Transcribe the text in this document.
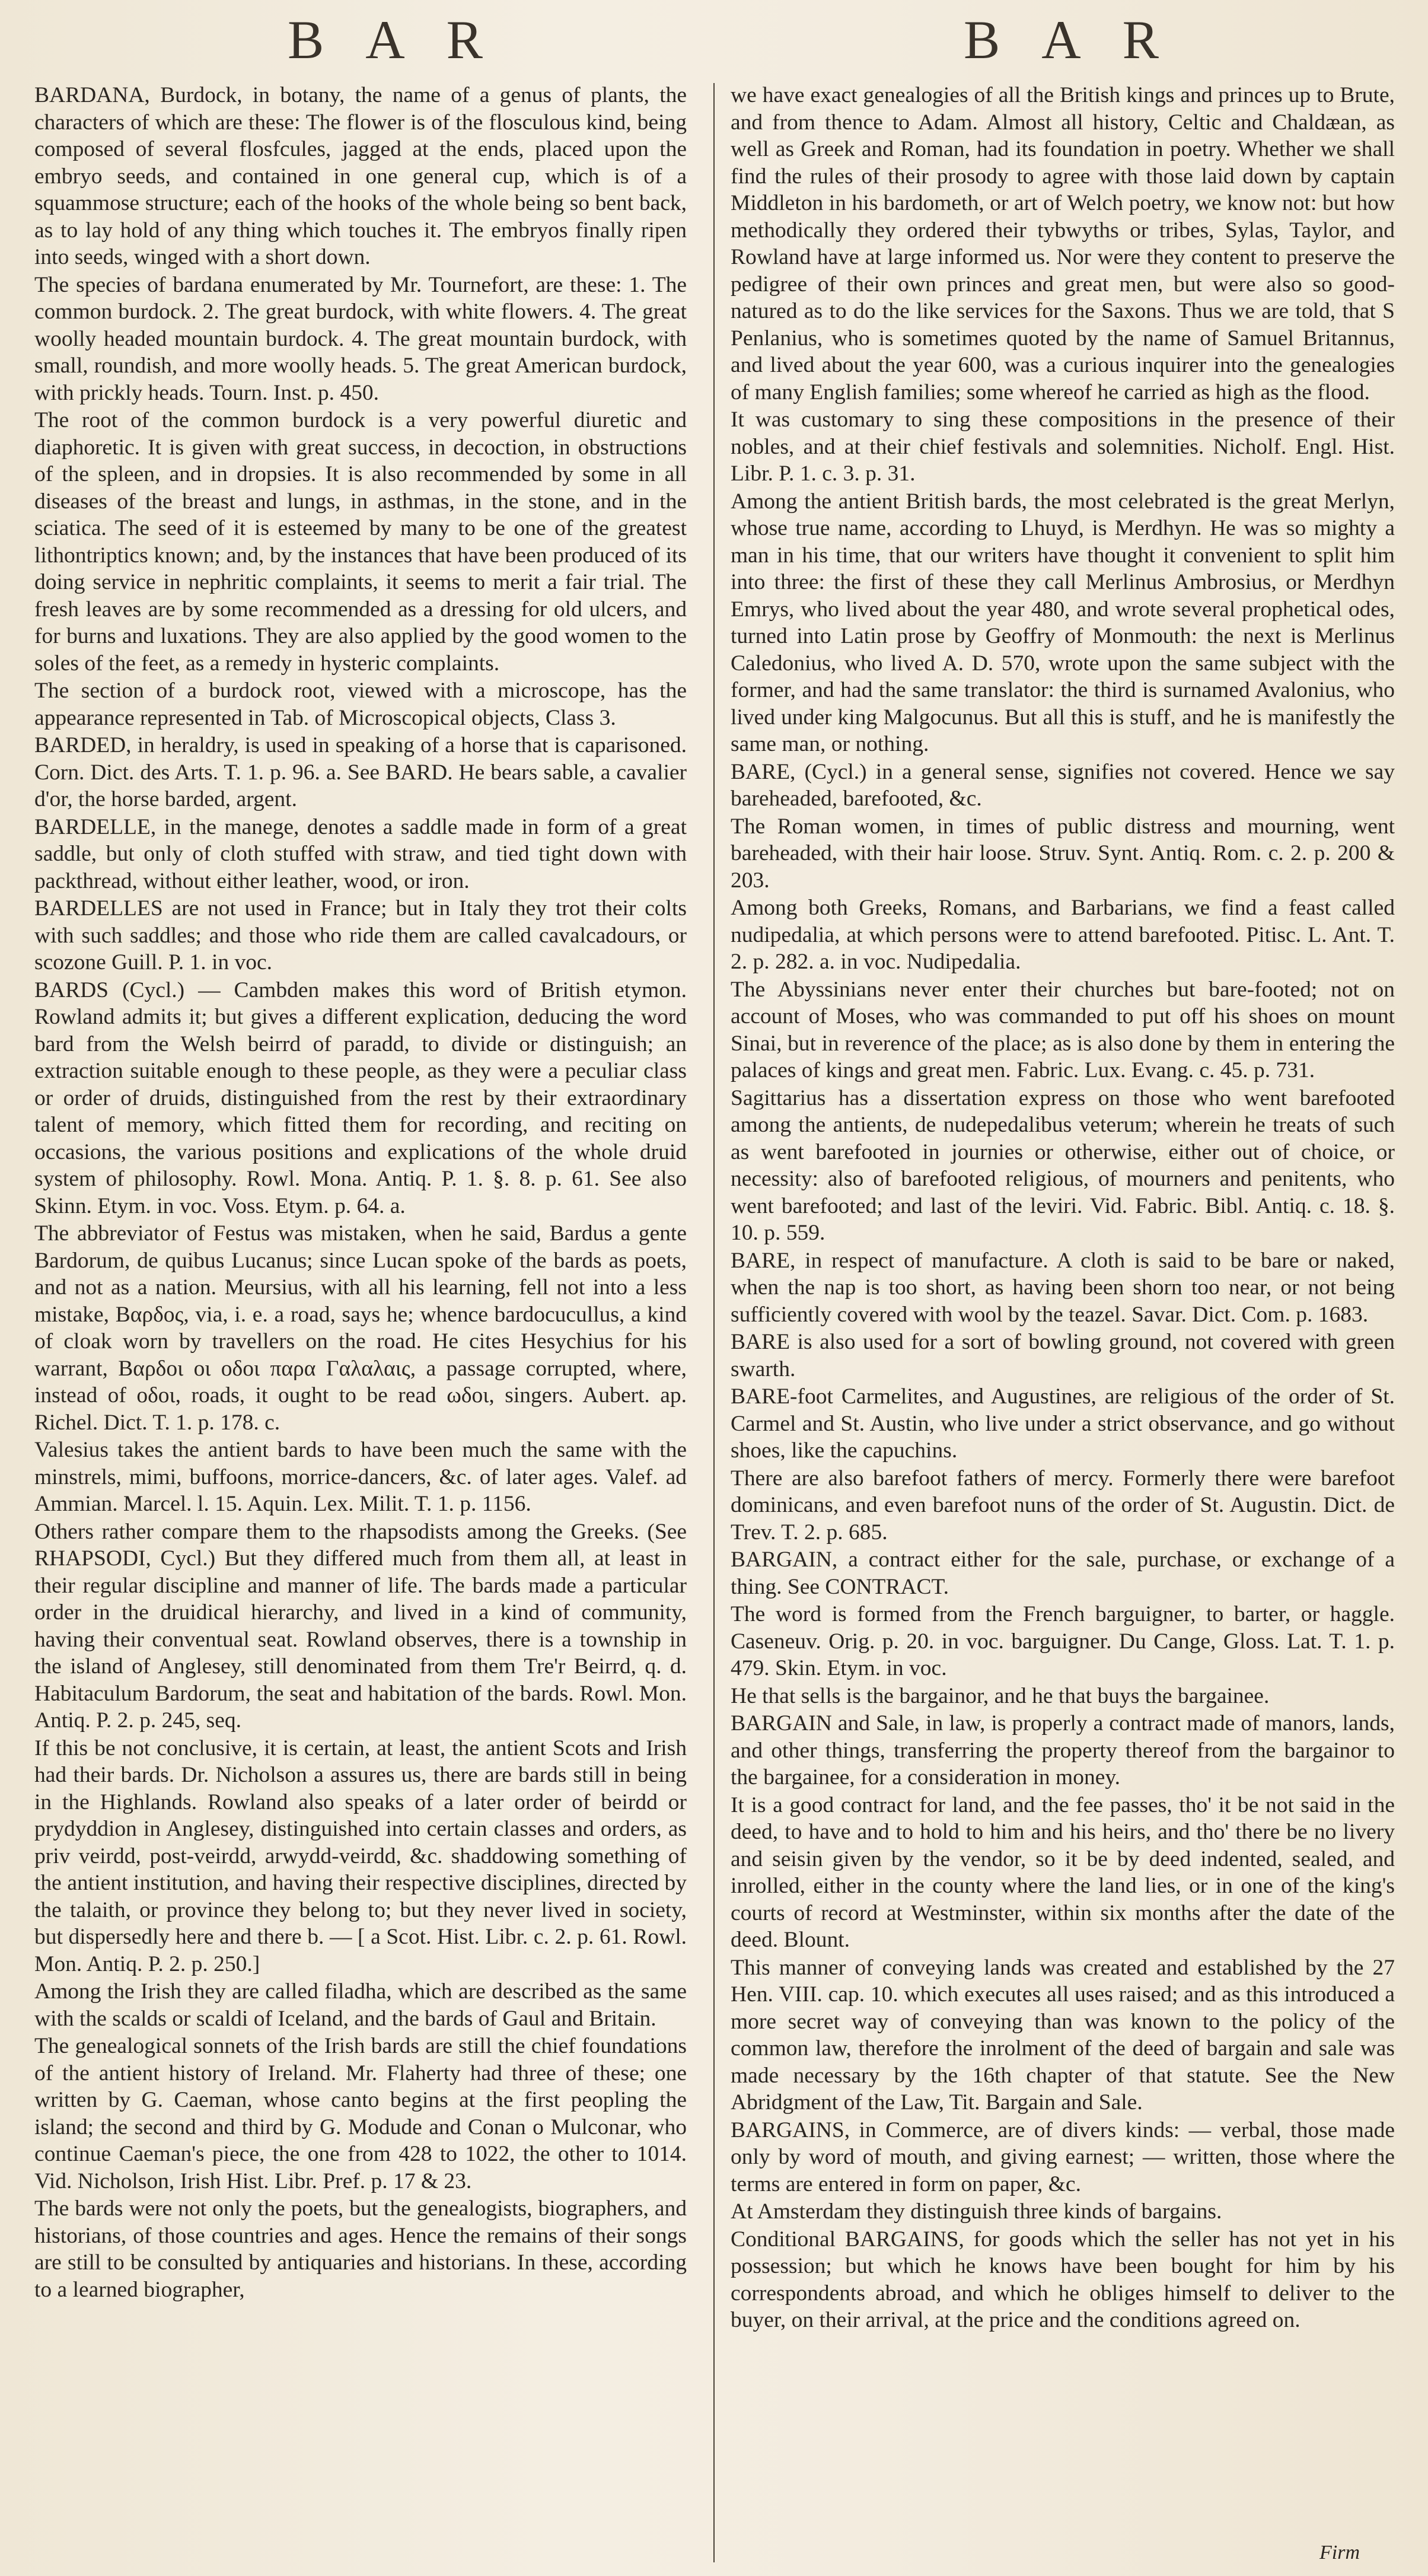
B A R	B A R

BARDANA, Burdock, in botany, the name of a genus of plants, the characters of which are these: The flower is of the flosculous kind, being composed of several flosfcules, jagged at the ends, placed upon the embryo seeds, and contained in one general cup, which is of a squammose structure; each of the hooks of the whole being so bent back, as to lay hold of any thing which touches it. The embryos finally ripen into seeds, winged with a short down.

The species of bardana enumerated by Mr. Tournefort, are these: 1. The common burdock. 2. The great burdock, with white flowers. 4. The great woolly headed mountain burdock. 4. The great mountain burdock, with small, roundish, and more woolly heads. 5. The great American burdock, with prickly heads. Tourn. Inst. p. 450.

The root of the common burdock is a very powerful diuretic and diaphoretic. It is given with great success, in decoction, in obstructions of the spleen, and in dropsies. It is also recommended by some in all diseases of the breast and lungs, in asthmas, in the stone, and in the sciatica. The seed of it is esteemed by many to be one of the greatest lithontriptics known; and, by the instances that have been produced of its doing service in nephritic complaints, it seems to merit a fair trial. The fresh leaves are by some recommended as a dressing for old ulcers, and for burns and luxations. They are also applied by the good women to the soles of the feet, as a remedy in hysteric complaints.

The section of a burdock root, viewed with a microscope, has the appearance represented in Tab. of Microscopical objects, Class 3.

BARDED, in heraldry, is used in speaking of a horse that is caparisoned. Corn. Dict. des Arts. T. 1. p. 96. a. See BARD. He bears sable, a cavalier d'or, the horse barded, argent.

BARDELLE, in the manege, denotes a saddle made in form of a great saddle, but only of cloth stuffed with straw, and tied tight down with packthread, without either leather, wood, or iron.

BARDELLES are not used in France; but in Italy they trot their colts with such saddles; and those who ride them are called cavalcadours, or scozone Guill. P. 1. in voc.

BARDS (Cycl.) — Cambden makes this word of British etymon. Rowland admits it; but gives a different explication, deducing the word bard from the Welsh beirrd of paradd, to divide or distinguish; an extraction suitable enough to these people, as they were a peculiar class or order of druids, distinguished from the rest by their extraordinary talent of memory, which fitted them for recording, and reciting on occasions, the various positions and explications of the whole druid system of philosophy. Rowl. Mona. Antiq. P. 1. §. 8. p. 61. See also Skinn. Etym. in voc. Voss. Etym. p. 64. a.

The abbreviator of Festus was mistaken, when he said, Bardus a gente Bardorum, de quibus Lucanus; since Lucan spoke of the bards as poets, and not as a nation. Meursius, with all his learning, fell not into a less mistake, Βαρδος, via, i. e. a road, says he; whence bardocucullus, a kind of cloak worn by travellers on the road. He cites Hesychius for his warrant, Βαρδοι οι οδοι παρα Γαλαλαις, a passage corrupted, where, instead of οδοι, roads, it ought to be read ωδοι, singers. Aubert. ap. Richel. Dict. T. 1. p. 178. c.

Valesius takes the antient bards to have been much the same with the minstrels, mimi, buffoons, morrice-dancers, &c. of later ages. Valef. ad Ammian. Marcel. l. 15. Aquin. Lex. Milit. T. 1. p. 1156.

Others rather compare them to the rhapsodists among the Greeks. (See RHAPSODI, Cycl.) But they differed much from them all, at least in their regular discipline and manner of life. The bards made a particular order in the druidical hierarchy, and lived in a kind of community, having their conventual seat. Rowland observes, there is a township in the island of Anglesey, still denominated from them Tre'r Beirrd, q. d. Habitaculum Bardorum, the seat and habitation of the bards. Rowl. Mon. Antiq. P. 2. p. 245, seq.

If this be not conclusive, it is certain, at least, the antient Scots and Irish had their bards. Dr. Nicholson a assures us, there are bards still in being in the Highlands. Rowland also speaks of a later order of beirdd or prydyddion in Anglesey, distinguished into certain classes and orders, as priv veirdd, post-veirdd, arwydd-veirdd, &c. shaddowing something of the antient institution, and having their respective disciplines, directed by the talaith, or province they belong to; but they never lived in society, but dispersedly here and there b. — [ a Scot. Hist. Libr. c. 2. p. 61. Rowl. Mon. Antiq. P. 2. p. 250.]

Among the Irish they are called filadha, which are described as the same with the scalds or scaldi of Iceland, and the bards of Gaul and Britain.

The genealogical sonnets of the Irish bards are still the chief foundations of the antient history of Ireland. Mr. Flaherty had three of these; one written by G. Caeman, whose canto begins at the first peopling the island; the second and third by G. Modude and Conan o Mulconar, who continue Caeman's piece, the one from 428 to 1022, the other to 1014. Vid. Nicholson, Irish Hist. Libr. Pref. p. 17 & 23.

The bards were not only the poets, but the genealogists, biographers, and historians, of those countries and ages. Hence the remains of their songs are still to be consulted by antiquaries and historians. In these, according to a learned biographer,

we have exact genealogies of all the British kings and princes up to Brute, and from thence to Adam. Almost all history, Celtic and Chaldæan, as well as Greek and Roman, had its foundation in poetry. Whether we shall find the rules of their prosody to agree with those laid down by captain Middleton in his bardometh, or art of Welch poetry, we know not: but how methodically they ordered their tybwyths or tribes, Sylas, Taylor, and Rowland have at large informed us. Nor were they content to preserve the pedigree of their own princes and great men, but were also so good-natured as to do the like services for the Saxons. Thus we are told, that S Penlanius, who is sometimes quoted by the name of Samuel Britannus, and lived about the year 600, was a curious inquirer into the genealogies of many English families; some whereof he carried as high as the flood.

It was customary to sing these compositions in the presence of their nobles, and at their chief festivals and solemnities. Nicholf. Engl. Hist. Libr. P. 1. c. 3. p. 31.

Among the antient British bards, the most celebrated is the great Merlyn, whose true name, according to Lhuyd, is Merdhyn. He was so mighty a man in his time, that our writers have thought it convenient to split him into three: the first of these they call Merlinus Ambrosius, or Merdhyn Emrys, who lived about the year 480, and wrote several prophetical odes, turned into Latin prose by Geoffry of Monmouth: the next is Merlinus Caledonius, who lived A. D. 570, wrote upon the same subject with the former, and had the same translator: the third is surnamed Avalonius, who lived under king Malgocunus. But all this is stuff, and he is manifestly the same man, or nothing.

BARE, (Cycl.) in a general sense, signifies not covered. Hence we say bareheaded, barefooted, &c.

The Roman women, in times of public distress and mourning, went bareheaded, with their hair loose. Struv. Synt. Antiq. Rom. c. 2. p. 200 & 203.

Among both Greeks, Romans, and Barbarians, we find a feast called nudipedalia, at which persons were to attend barefooted. Pitisc. L. Ant. T. 2. p. 282. a. in voc. Nudipedalia.

The Abyssinians never enter their churches but bare-footed; not on account of Moses, who was commanded to put off his shoes on mount Sinai, but in reverence of the place; as is also done by them in entering the palaces of kings and great men. Fabric. Lux. Evang. c. 45. p. 731.

Sagittarius has a dissertation express on those who went barefooted among the antients, de nudepedalibus veterum; wherein he treats of such as went barefooted in journies or otherwise, either out of choice, or necessity: also of barefooted religious, of mourners and penitents, who went barefooted; and last of the leviri. Vid. Fabric. Bibl. Antiq. c. 18. §. 10. p. 559.

BARE, in respect of manufacture. A cloth is said to be bare or naked, when the nap is too short, as having been shorn too near, or not being sufficiently covered with wool by the teazel. Savar. Dict. Com. p. 1683.

BARE is also used for a sort of bowling ground, not covered with green swarth.

BARE-foot Carmelites, and Augustines, are religious of the order of St. Carmel and St. Austin, who live under a strict observance, and go without shoes, like the capuchins.

There are also barefoot fathers of mercy. Formerly there were barefoot dominicans, and even barefoot nuns of the order of St. Augustin. Dict. de Trev. T. 2. p. 685.

BARGAIN, a contract either for the sale, purchase, or exchange of a thing. See CONTRACT.

The word is formed from the French barguigner, to barter, or haggle. Caseneuv. Orig. p. 20. in voc. barguigner. Du Cange, Gloss. Lat. T. 1. p. 479. Skin. Etym. in voc.

He that sells is the bargainor, and he that buys the bargainee.

BARGAIN and Sale, in law, is properly a contract made of manors, lands, and other things, transferring the property thereof from the bargainor to the bargainee, for a consideration in money.

It is a good contract for land, and the fee passes, tho' it be not said in the deed, to have and to hold to him and his heirs, and tho' there be no livery and seisin given by the vendor, so it be by deed indented, sealed, and inrolled, either in the county where the land lies, or in one of the king's courts of record at Westminster, within six months after the date of the deed. Blount.

This manner of conveying lands was created and established by the 27 Hen. VIII. cap. 10. which executes all uses raised; and as this introduced a more secret way of conveying than was known to the policy of the common law, therefore the inrolment of the deed of bargain and sale was made necessary by the 16th chapter of that statute. See the New Abridgment of the Law, Tit. Bargain and Sale.

BARGAINS, in Commerce, are of divers kinds: — verbal, those made only by word of mouth, and giving earnest; — written, those where the terms are entered in form on paper, &c.

At Amsterdam they distinguish three kinds of bargains.

Conditional BARGAINS, for goods which the seller has not yet in his possession; but which he knows have been bought for him by his correspondents abroad, and which he obliges himself to deliver to the buyer, on their arrival, at the price and the conditions agreed on.

Firm
